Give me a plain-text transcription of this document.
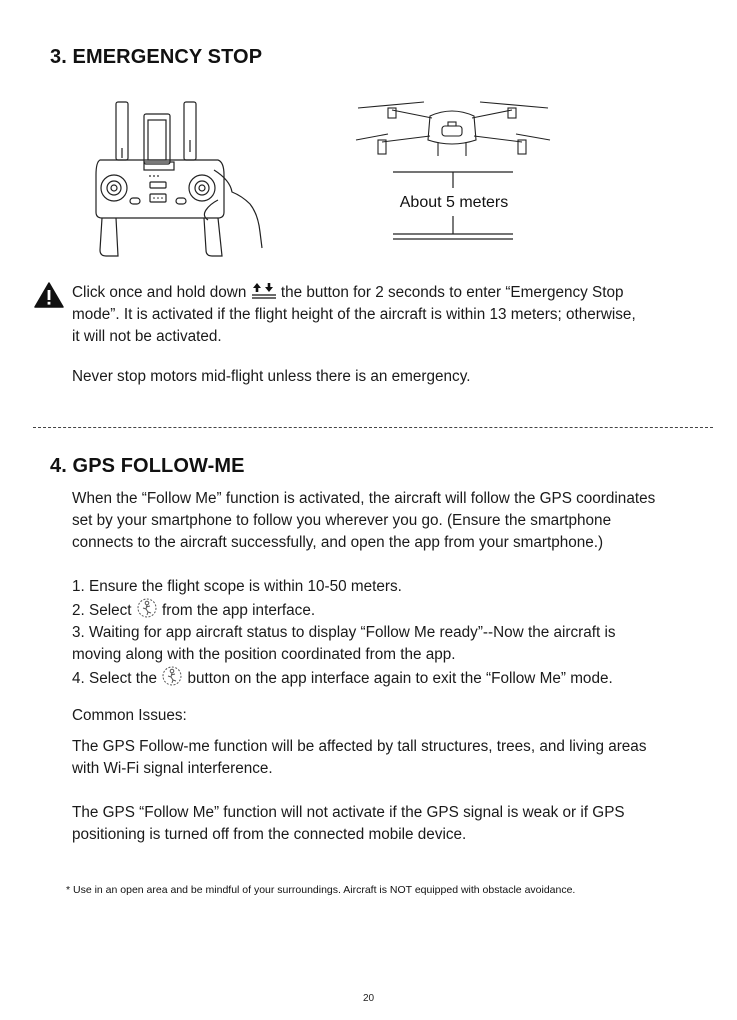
3. EMERGENCY STOP
About 5 meters
Click once and hold down the button for 2 seconds to enter “Emergency Stop
mode”. It is activated if the flight height of the aircraft is within 13 meters; otherwise,
it will not be activated.
Never stop motors mid-flight unless there is an emergency.
4. GPS FOLLOW-ME
When the “Follow Me” function is activated, the aircraft will follow the GPS coordinates
set by your smartphone to follow you wherever you go. (Ensure the smartphone
connects to the aircraft successfully, and open the app from your smartphone.)
1. Ensure the flight scope is within 10-50 meters.
2. Select from the app interface.
3. Waiting for app aircraft status to display “Follow Me ready”--Now the aircraft is
moving along with the position coordinated from the app.
4. Select the button on the app interface again to exit the “Follow Me” mode.
Common Issues:
The GPS Follow-me function will be affected by tall structures, trees, and living areas
with Wi-Fi signal interference.
The GPS “Follow Me” function will not activate if the GPS signal is weak or if GPS
positioning is turned off from the connected mobile device.
* Use in an open area and be mindful of your surroundings. Aircraft is NOT equipped with obstacle avoidance.
20
